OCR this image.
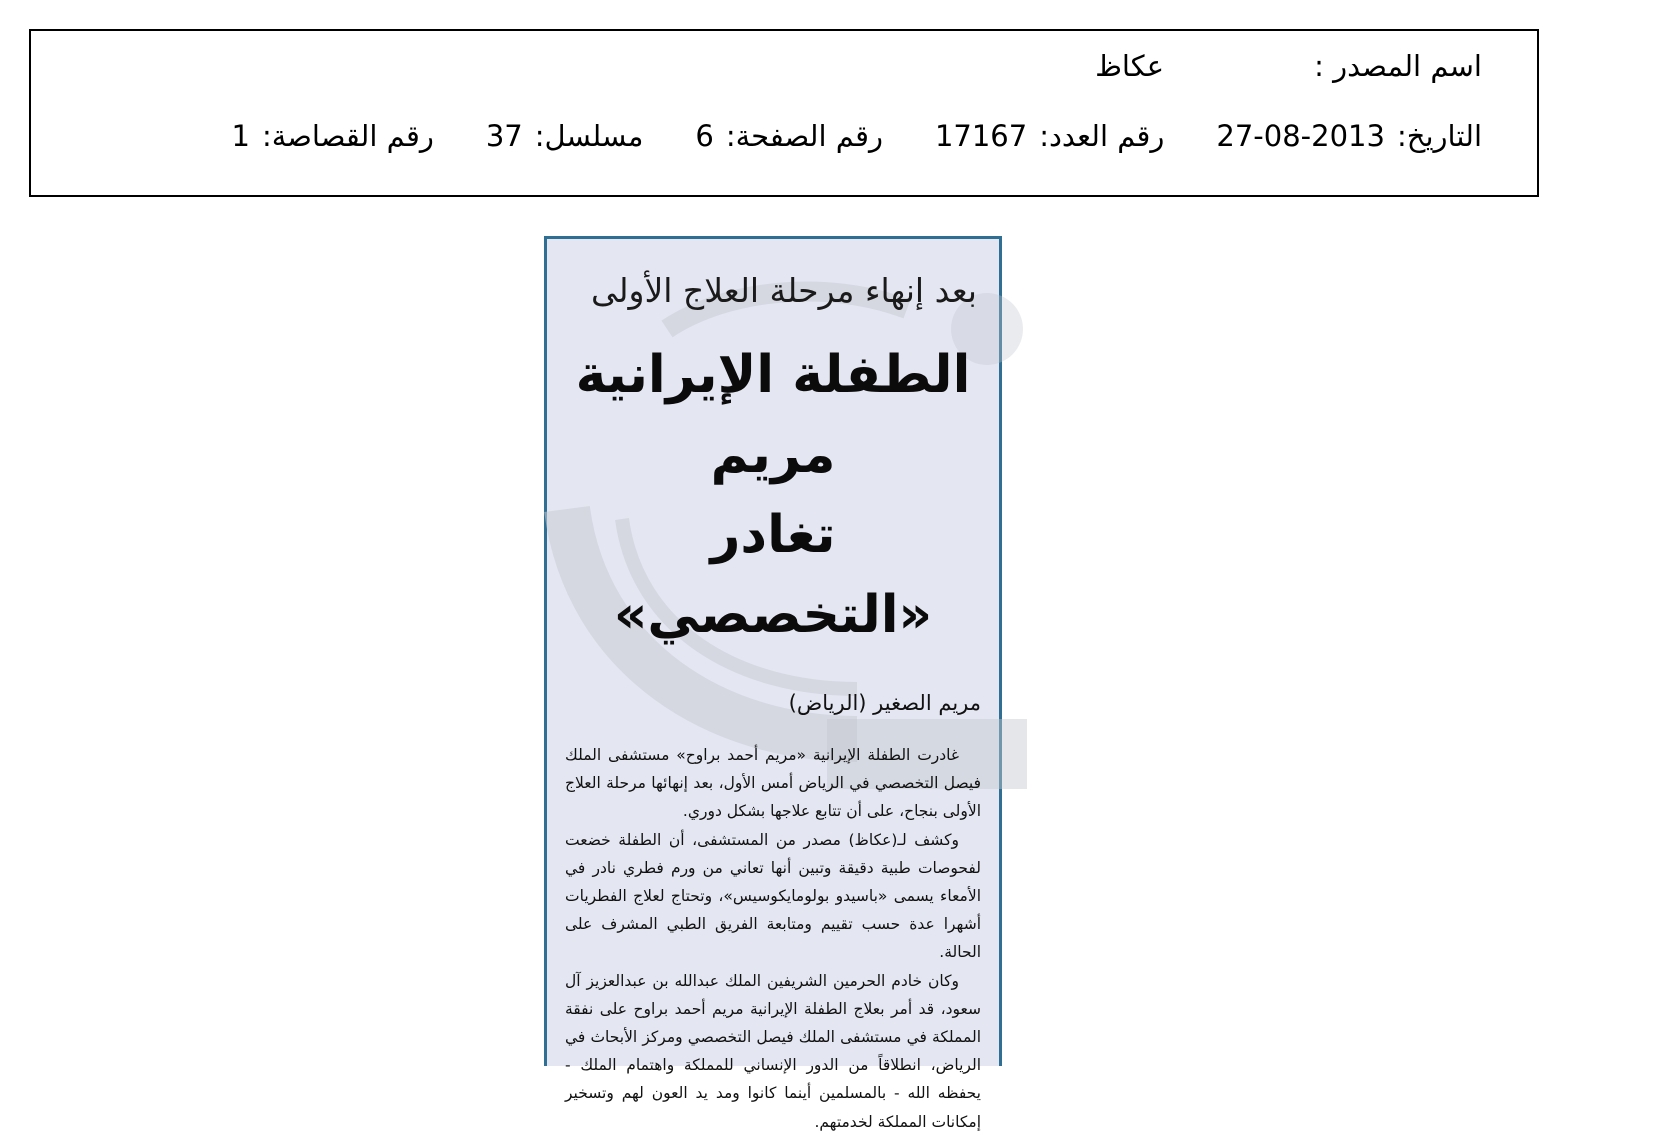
اسم المصدر :
عكاظ
التاريخ:
27-08-2013
رقم العدد:
17167
رقم الصفحة:
6
مسلسل:
37
رقم القصاصة:
1
بعد إنهاء مرحلة العلاج الأولى
الطفلة الإيرانية مريم
تغادر «التخصصي»
مريم الصغير (الرياض)

غادرت الطفلة الإيرانية «مريم أحمد براوح» مستشفى الملك فيصل التخصصي في الرياض أمس الأول، بعد إنهائها مرحلة العلاج الأولى بنجاح، على أن تتابع علاجها بشكل دوري.

وكشف لـ(عكاظ) مصدر من المستشفى، أن الطفلة خضعت لفحوصات طبية دقيقة وتبين أنها تعاني من ورم فطري نادر في الأمعاء يسمى «باسيدو بولومايكوسيس»، وتحتاج لعلاج الفطريات أشهرا عدة حسب تقييم ومتابعة الفريق الطبي المشرف على الحالة.

وكان خادم الحرمين الشريفين الملك عبدالله بن عبدالعزيز آل سعود، قد أمر بعلاج الطفلة الإيرانية مريم أحمد براوح على نفقة المملكة في مستشفى الملك فيصل التخصصي ومركز الأبحاث في الرياض، انطلاقاً من الدور الإنساني للمملكة واهتمام الملك - يحفظه الله - بالمسلمين أينما كانوا ومد يد العون لهم وتسخير إمكانات المملكة لخدمتهم.
